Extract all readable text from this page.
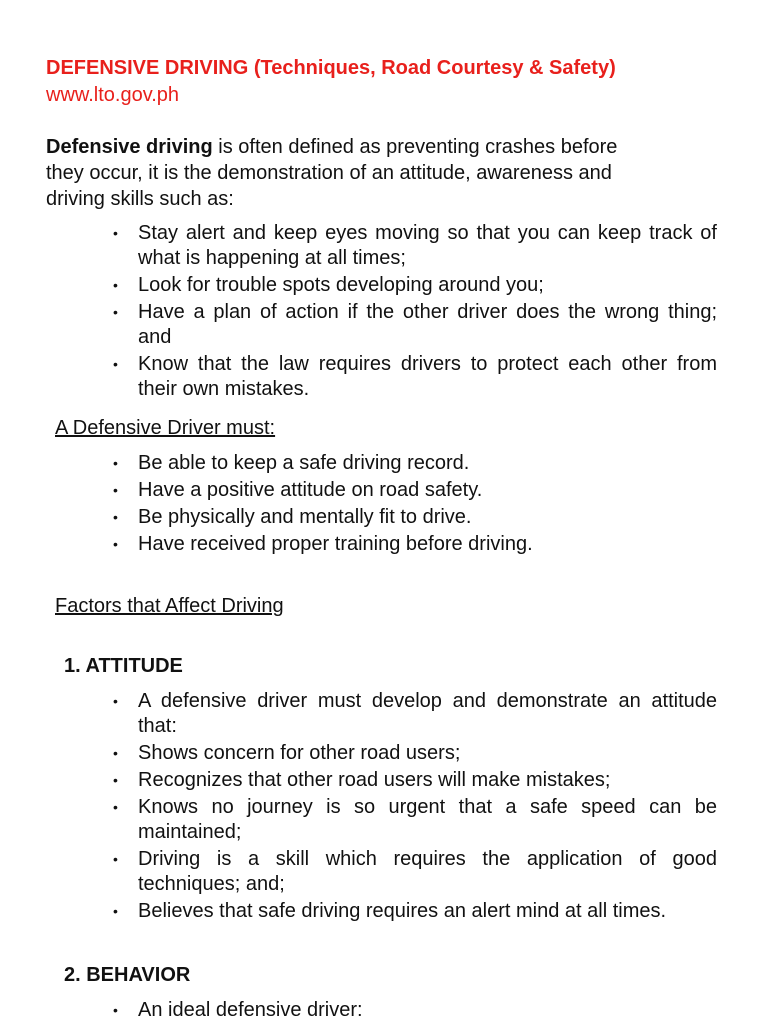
DEFENSIVE DRIVING (Techniques, Road Courtesy & Safety)
www.lto.gov.ph
Defensive driving is often defined as preventing crashes before
they occur, it is the demonstration of an attitude, awareness and
driving skills such as:
• Stay alert and keep eyes moving so that you can keep track of what is happening at all times;
• Look for trouble spots developing around you;
• Have a plan of action if the other driver does the wrong thing; and
• Know that the law requires drivers to protect each other from their own mistakes.
A Defensive Driver must:
• Be able to keep a safe driving record.
• Have a positive attitude on road safety.
• Be physically and mentally fit to drive.
• Have received proper training before driving.
Factors that Affect Driving
1. ATTITUDE
• A defensive driver must develop and demonstrate an attitude that:
• Shows concern for other road users;
• Recognizes that other road users will make mistakes;
• Knows no journey is so urgent that a safe speed can be maintained;
• Driving is a skill which requires the application of good techniques; and;
• Believes that safe driving requires an alert mind at all times.
2. BEHAVIOR
• An ideal defensive driver:
